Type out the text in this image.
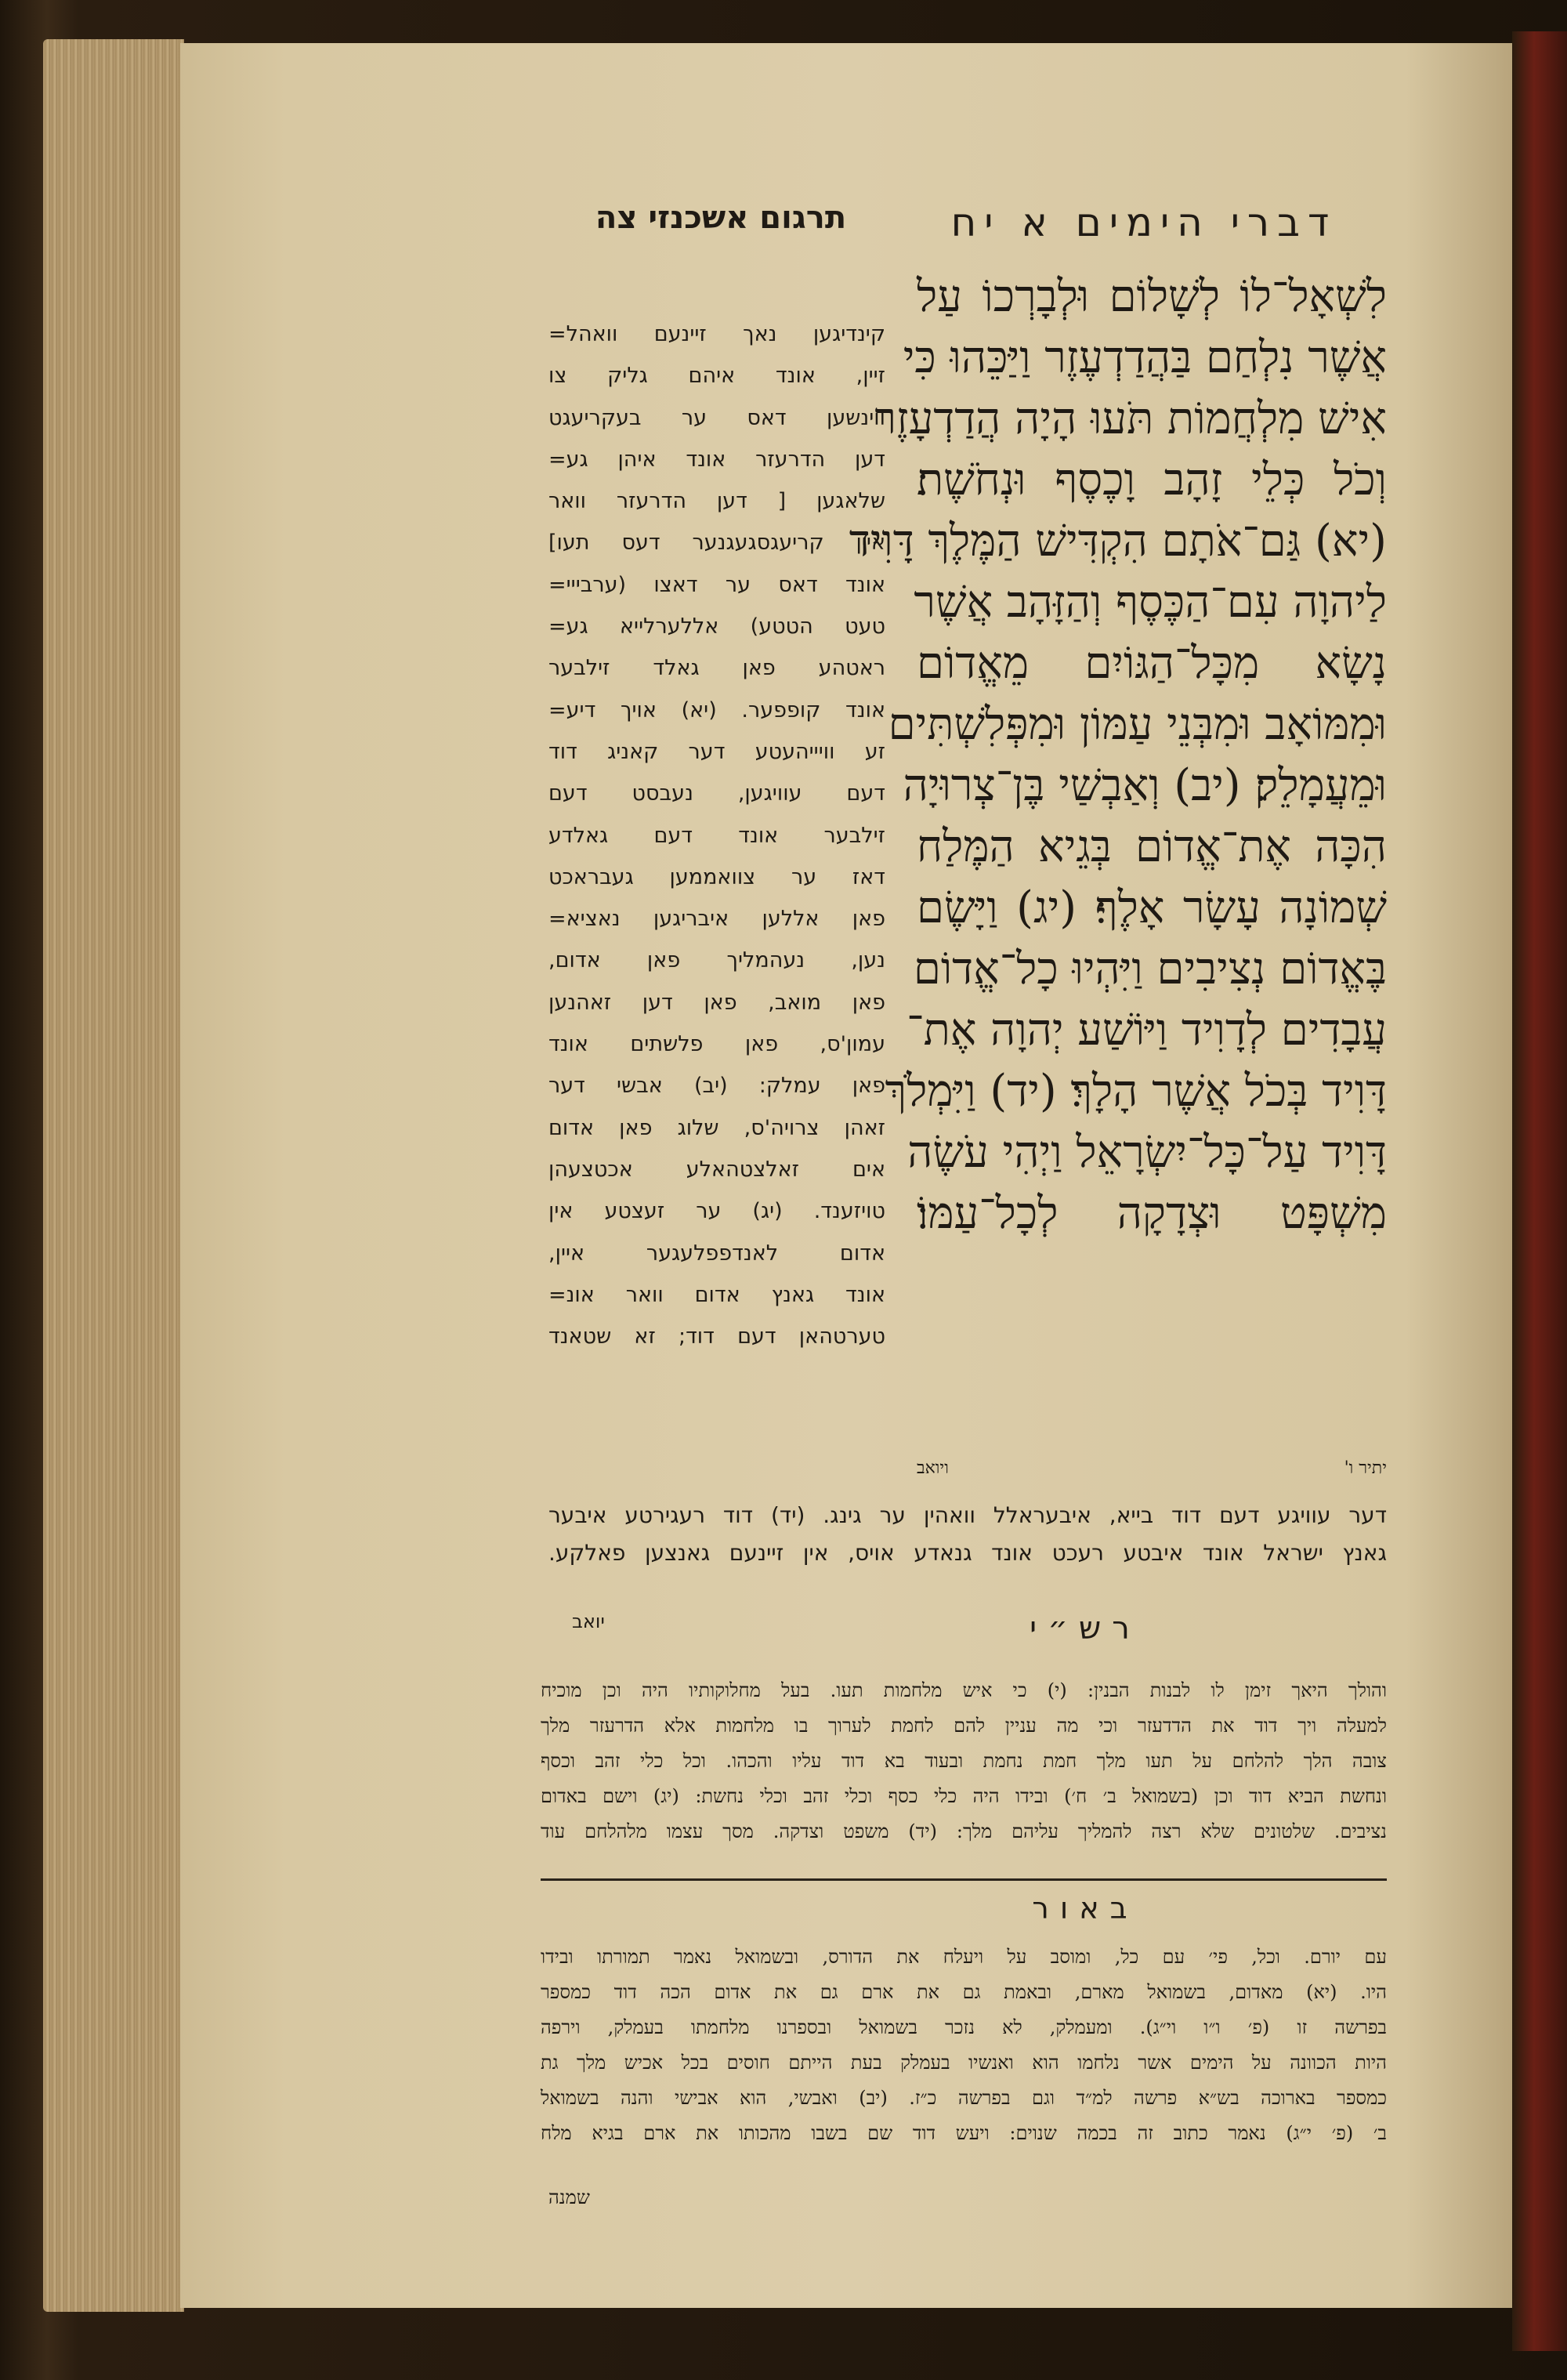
תרגום אשכנזי צה	דברי הימים א יח
לִשְׁאָל־לוֹ לְשָׁלוֹם וּלְבָרְכוֹ עַל
אֲשֶׁר נִלְחַם בַּהֲדַדְעֶזֶר וַיַּכֵּהוּ כִּי
אִישׁ מִלְחֲמוֹת תֹּעוּ הָיָה הֲדַדְעָזֶר
וְכֹל כְּלֵי זָהָב וָכֶסֶף וּנְחֹשֶׁת׃
(יא) גַּם־אֹתָם הִקְדִּישׁ הַמֶּלֶךְ דָּוִיד
לַיהוָה עִם־הַכֶּסֶף וְהַזָּהָב אֲשֶׁר
נָשָׂא מִכָּל־הַגּוֹיִם מֵאֱדוֹם
וּמִמּוֹאָב וּמִבְּנֵי עַמּוֹן וּמִפְּלִשְׁתִּים
וּמֵעֲמָלֵק׃ (יב) וְאַבְשַׁי בֶּן־צְרוּיָה
הִכָּה אֶת־אֱדוֹם בְּגֵיא הַמֶּלַח
שְׁמוֹנָה עָשָׂר אָלֶף׃ (יג) וַיָּשֶׂם
בֶּאֱדוֹם נְצִיבִים וַיִּהְיוּ כָל־אֱדוֹם
עֲבָדִים לְדָוִיד וַיּוֹשַׁע יְהוָה אֶת־
דָּוִיד בְּכֹל אֲשֶׁר הָלָךְ׃ (יד) וַיִּמְלֹךְ
דָּוִיד עַל־כָּל־יִשְׂרָאֵל וַיְהִי עֹשֶׂה
מִשְׁפָּט וּצְדָקָה לְכָל־עַמּוֹ׃
יתיר ו'
ויואב
קינדיגען נאך זיינעם וואהל=
זיין, אונד איהם גליק צו
ווינשען דאס ער בעקריעגט
דען הדרעזר אונד איהן גע=
שלאגען [ דען הדרעזר וואר
איין קריעגסגעגנער דעס תעו]
אונד דאס ער דאצו (ערבייי=
טעט הטטע) אללערלייא גע=
ראטהע פאן גאלד זילבער
אונד קופפער. (יא) אויך דיע=
זע וויייהעטע דער קאניג דוד
דעם עוויגען, נעבסט דעם
זילבער אונד דעם גאלדע
דאז ער צוואממען געבראכט
פאן אללען איבריגען נאציא=
נען, נעהמליך פאן אדום,
פאן מואב, פאן דען זאהנען
עמון'ס, פאן פלשתים אונד
פאן עמלק: (יב) אבשי דער
זאהן צרויה'ס, שלוג פאן אדום
אים זאלצטהאלע אכטצעהן
טויזענד. (יג) ער זעצטע אין
אדום לאנדפפלעגער איין,
אונד גאנץ אדום וואר אונ=
טערטהאן דעם דוד; זא שטאנד
דער עוויגע דעם דוד בייא, איבעראלל וואהין ער גינג. (יד) דוד רעגירטע איבער
גאנץ ישראל אונד איבטע רעכט אונד גנאדע אויס, אין זיינעם גאנצען פאלקע.
יואב	רש״י
והולך היאך זימן לו לבנות הבנין: (י) כי איש מלחמות תעו. בעל מחלוקותיו היה וכן מוכיח
למעלה ויך דוד את הדדעזר וכי מה עניין להם לחמת לערוך בו מלחמות אלא הדרעזר מלך
צובה הלך להלחם על תעו מלך חמת נחמת ובעוד בא דוד עליו והכהו. וכל כלי זהב וכסף
ונחשת הביא דוד וכן (בשמואל ב׳ ח׳) ובידו היה כלי כסף וכלי זהב וכלי נחשת: (יג) וישם באדום
נציבים. שלטונים שלא רצה להמליך עליהם מלך: (יד) משפט וצדקה. מסך עצמו מלהלחם עוד
באור
עם יורם. וכל, פי׳ עם כל, ומוסב על ויעלח את הדורס, ובשמואל נאמר תמורתו ובידו
היו. (יא) מאדום, בשמואל מארם, ובאמת גם את ארם גם את אדום הכה דוד כמספר
בפרשה זו (פ׳ ו״ו וי״ג). ומעמלק, לא נזכר בשמואל ובספרנו מלחמתו בעמלק, וירפה
היות הכוונה על הימים אשר נלחמו הוא ואנשיו בעמלק בעת הייתם חוסים בכל אכיש מלך גת
כמספר בארוכה בש״א פרשה למ״ד וגם בפרשה כ״ז. (יב) ואבשי, הוא אבישי והנה בשמואל
ב׳ (פ׳ י״ג) נאמר כתוב זה בכמה שנוים: ויעש דוד שם בשבו מהכותו את ארם בגיא מלח
שמנה
